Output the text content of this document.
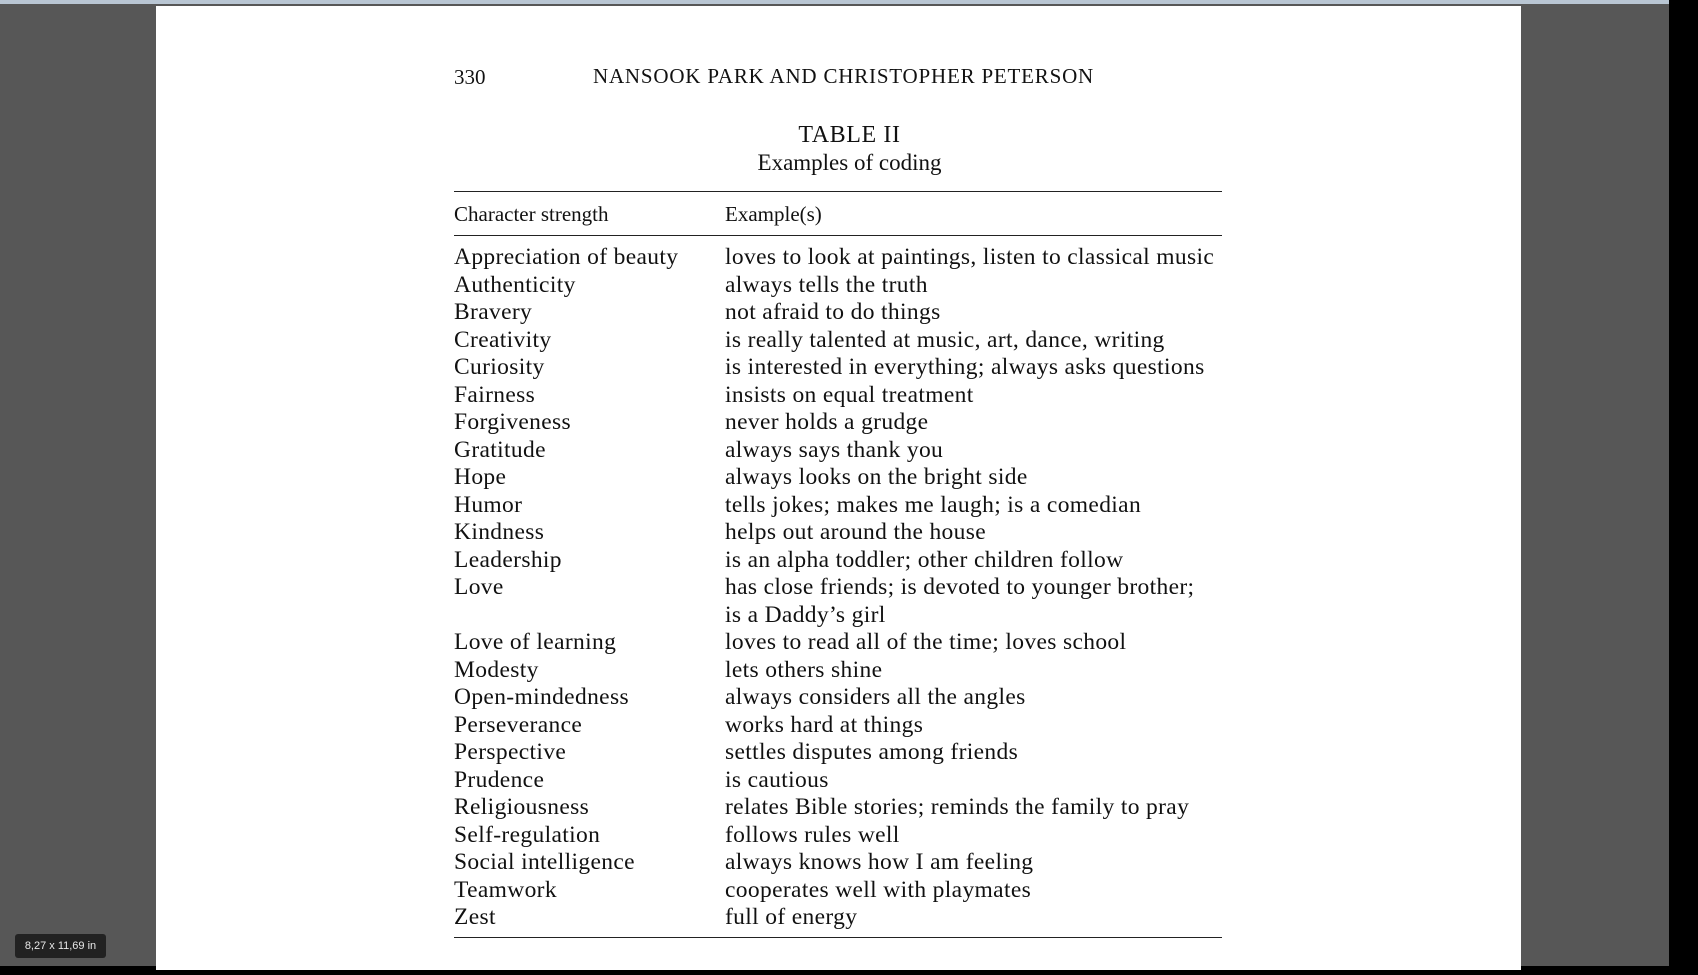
330	NANSOOK PARK AND CHRISTOPHER PETERSON
TABLE II
Examples of coding
Character strength	Example(s)
Appreciation of beauty	loves to look at paintings, listen to classical music
Authenticity	always tells the truth
Bravery	not afraid to do things
Creativity	is really talented at music, art, dance, writing
Curiosity	is interested in everything; always asks questions
Fairness	insists on equal treatment
Forgiveness	never holds a grudge
Gratitude	always says thank you
Hope	always looks on the bright side
Humor	tells jokes; makes me laugh; is a comedian
Kindness	helps out around the house
Leadership	is an alpha toddler; other children follow
Love	has close friends; is devoted to younger brother;
is a Daddy’s girl
Love of learning	loves to read all of the time; loves school
Modesty	lets others shine
Open-mindedness	always considers all the angles
Perseverance	works hard at things
Perspective	settles disputes among friends
Prudence	is cautious
Religiousness	relates Bible stories; reminds the family to pray
Self-regulation	follows rules well
Social intelligence	always knows how I am feeling
Teamwork	cooperates well with playmates
Zest	full of energy
8,27 x 11,69 in
